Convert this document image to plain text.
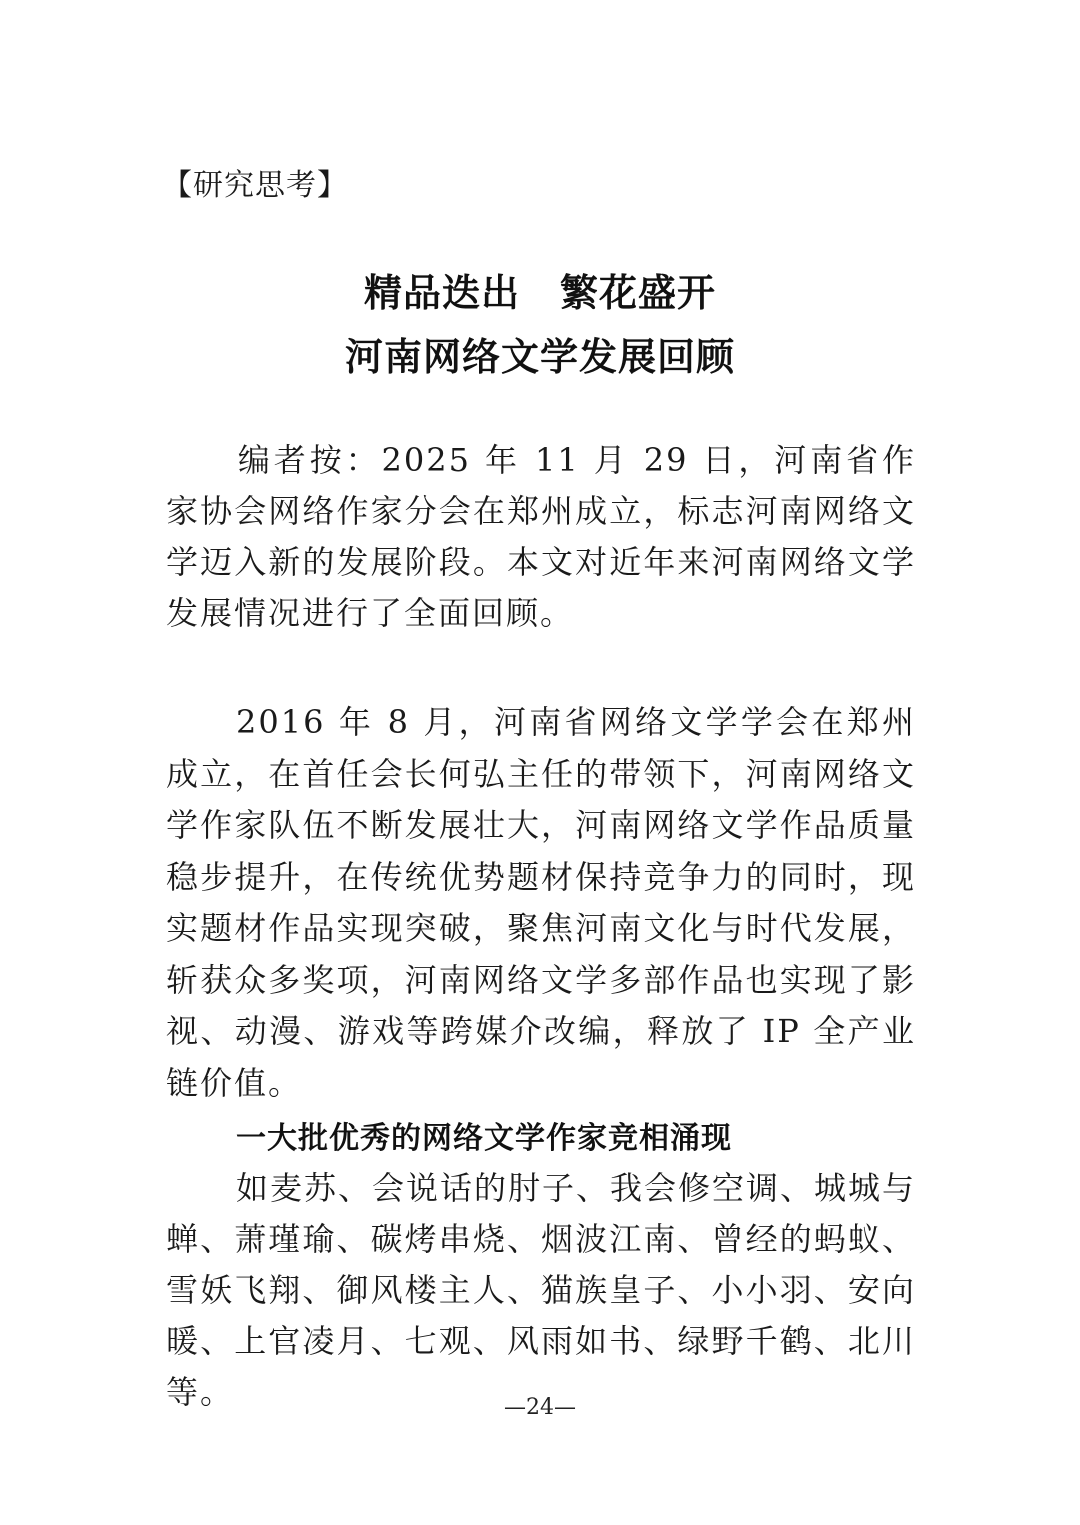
【研究思考】
精品迭出 繁花盛开
河南网络文学发展回顾
编者按：2025 年 11 月 29 日，河南省作家协会网络作家分会在郑州成立，标志河南网络文学迈入新的发展阶段。本文对近年来河南网络文学发展情况进行了全面回顾。
2016 年 8 月，河南省网络文学学会在郑州成立，在首任会长何弘主任的带领下，河南网络文学作家队伍不断发展壮大，河南网络文学作品质量稳步提升，在传统优势题材保持竞争力的同时，现实题材作品实现突破，聚焦河南文化与时代发展，斩获众多奖项，河南网络文学多部作品也实现了影视、动漫、游戏等跨媒介改编，释放了 IP 全产业链价值。
一大批优秀的网络文学作家竞相涌现
如麦苏、会说话的肘子、我会修空调、城城与蝉、萧瑾瑜、碳烤串烧、烟波江南、曾经的蚂蚁、雪妖飞翔、御风楼主人、猫族皇子、小小羽、安向暖、上官凌月、七观、风雨如书、绿野千鹤、北川等。	—24—
